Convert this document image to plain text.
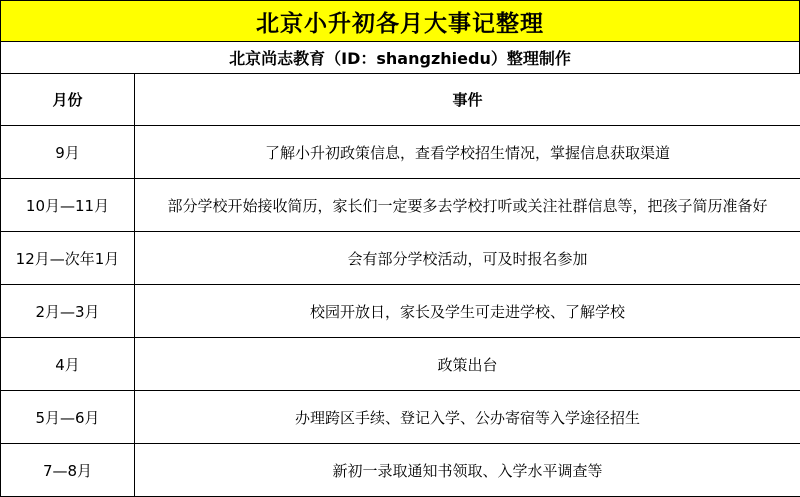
北京小升初各月大事记整理
北京尚志教育（ID：shangzhiedu）整理制作
月份	事件
9月	了解小升初政策信息，查看学校招生情况，掌握信息获取渠道
10月—11月	部分学校开始接收简历，家长们一定要多去学校打听或关注社群信息等，把孩子简历准备好
12月—次年1月	会有部分学校活动，可及时报名参加
2月—3月	校园开放日，家长及学生可走进学校、了解学校
4月	政策出台
5月—6月	办理跨区手续、登记入学、公办寄宿等入学途径招生
7—8月	新初一录取通知书领取、入学水平调查等
